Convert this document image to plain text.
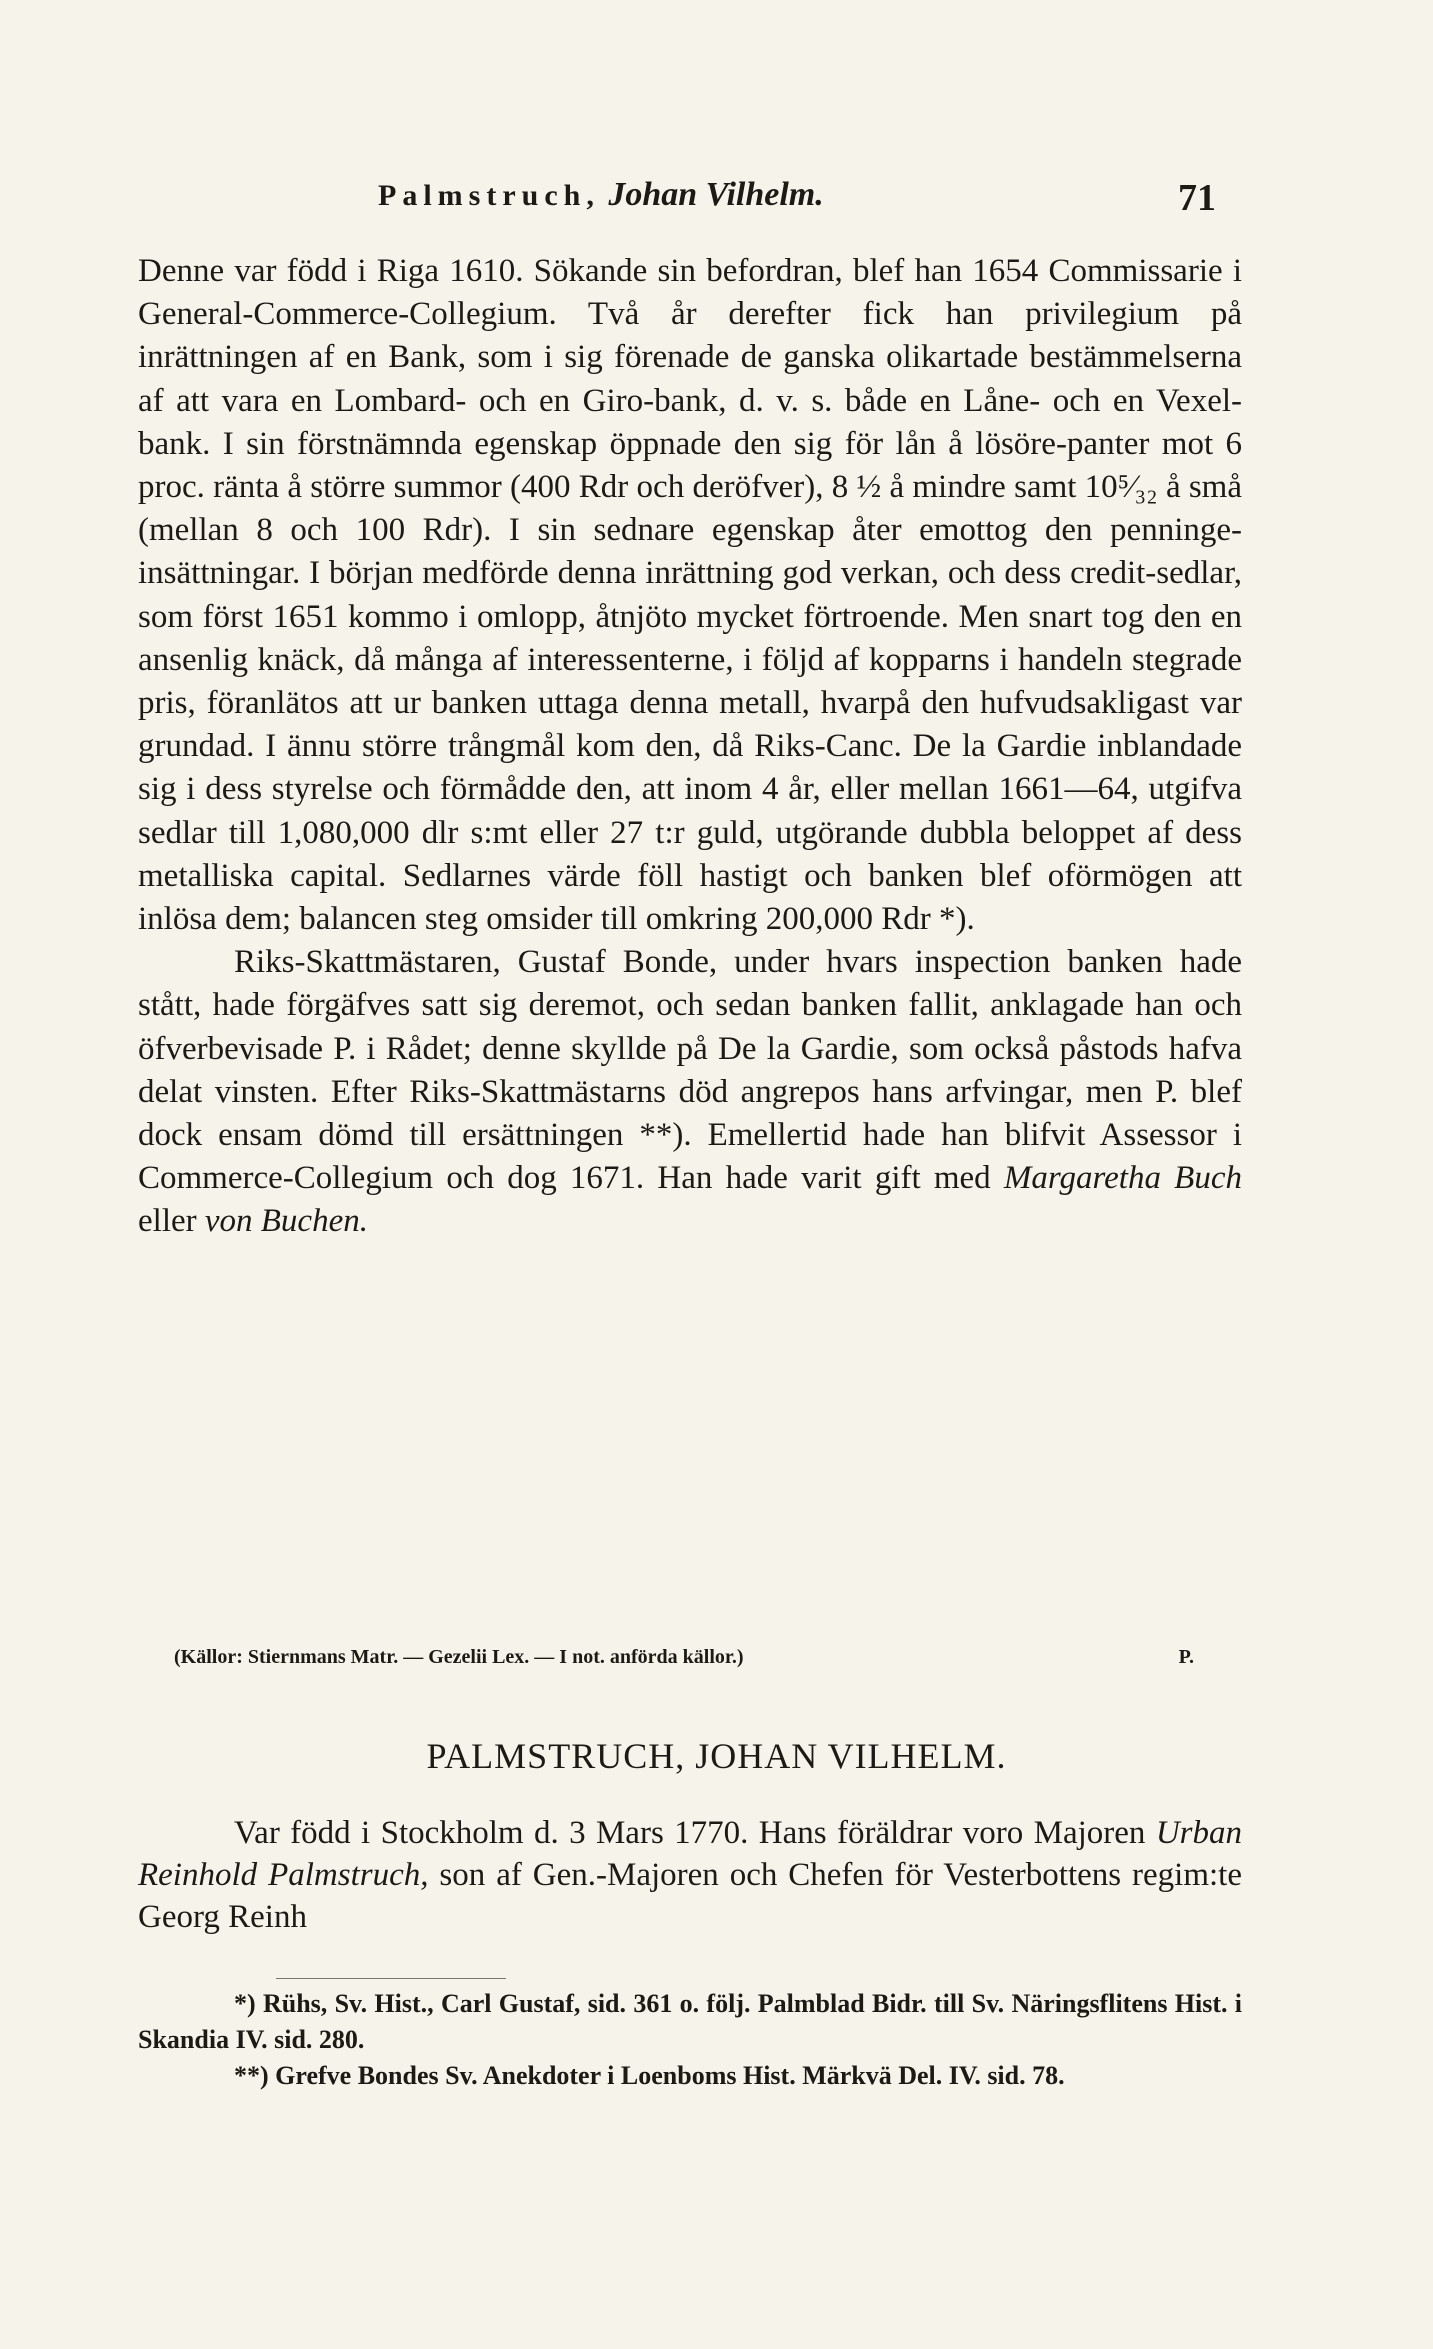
Palmstruch, Johan Vilhelm.	71

Denne var född i Riga 1610. Sökande sin befordran, blef han 1654 Commissarie i General-Commerce-Collegium. Två år derefter fick han privilegium på inrättningen af en Bank, som i sig förenade de ganska olikartade bestämmelserna af att vara en Lombard- och en Giro-bank, d. v. s. både en Låne- och en Vexel-bank. I sin förstnämnda egenskap öppnade den sig för lån å lösöre-panter mot 6 proc. ränta å större summor (400 Rdr och deröfver), 8 ½ å mindre samt 10⁵⁄₃₂ å små (mellan 8 och 100 Rdr). I sin sednare egenskap åter emottog den penninge-insättningar. I början medförde denna inrättning god verkan, och dess credit-sedlar, som först 1651 kommo i omlopp, åtnjöto mycket förtroende. Men snart tog den en ansenlig knäck, då många af interessenterne, i följd af kopparns i handeln stegrade pris, föranlätos att ur banken uttaga denna metall, hvarpå den hufvudsakligast var grundad. I ännu större trångmål kom den, då Riks-Canc. De la Gardie inblandade sig i dess styrelse och förmådde den, att inom 4 år, eller mellan 1661—64, utgifva sedlar till 1,080,000 dlr s:mt eller 27 t:r guld, utgörande dubbla beloppet af dess metalliska capital. Sedlarnes värde föll hastigt och banken blef oförmögen att inlösa dem; balancen steg omsider till omkring 200,000 Rdr *).

Riks-Skattmästaren, Gustaf Bonde, under hvars inspection banken hade stått, hade förgäfves satt sig deremot, och sedan banken fallit, anklagade han och öfverbevisade P. i Rådet; denne skyllde på De la Gardie, som också påstods hafva delat vinsten. Efter Riks-Skattmästarns död angrepos hans arfvingar, men P. blef dock ensam dömd till ersättningen **). Emellertid hade han blifvit Assessor i Commerce-Collegium och dog 1671. Han hade varit gift med Margaretha Buch eller von Buchen.

(Källor: Stiernmans Matr. — Gezelii Lex. — I not. anförda källor.)	P.
PALMSTRUCH, JOHAN VILHELM.

Var född i Stockholm d. 3 Mars 1770. Hans föräldrar voro Majoren Urban Reinhold Palmstruch, son af Gen.-Majoren och Chefen för Vesterbottens regim:te Georg Reinh

*) Rühs, Sv. Hist., Carl Gustaf, sid. 361 o. följ. Palmblad Bidr. till Sv. Näringsflitens Hist. i Skandia IV. sid. 280.

**) Grefve Bondes Sv. Anekdoter i Loenboms Hist. Märkvä Del. IV. sid. 78.
